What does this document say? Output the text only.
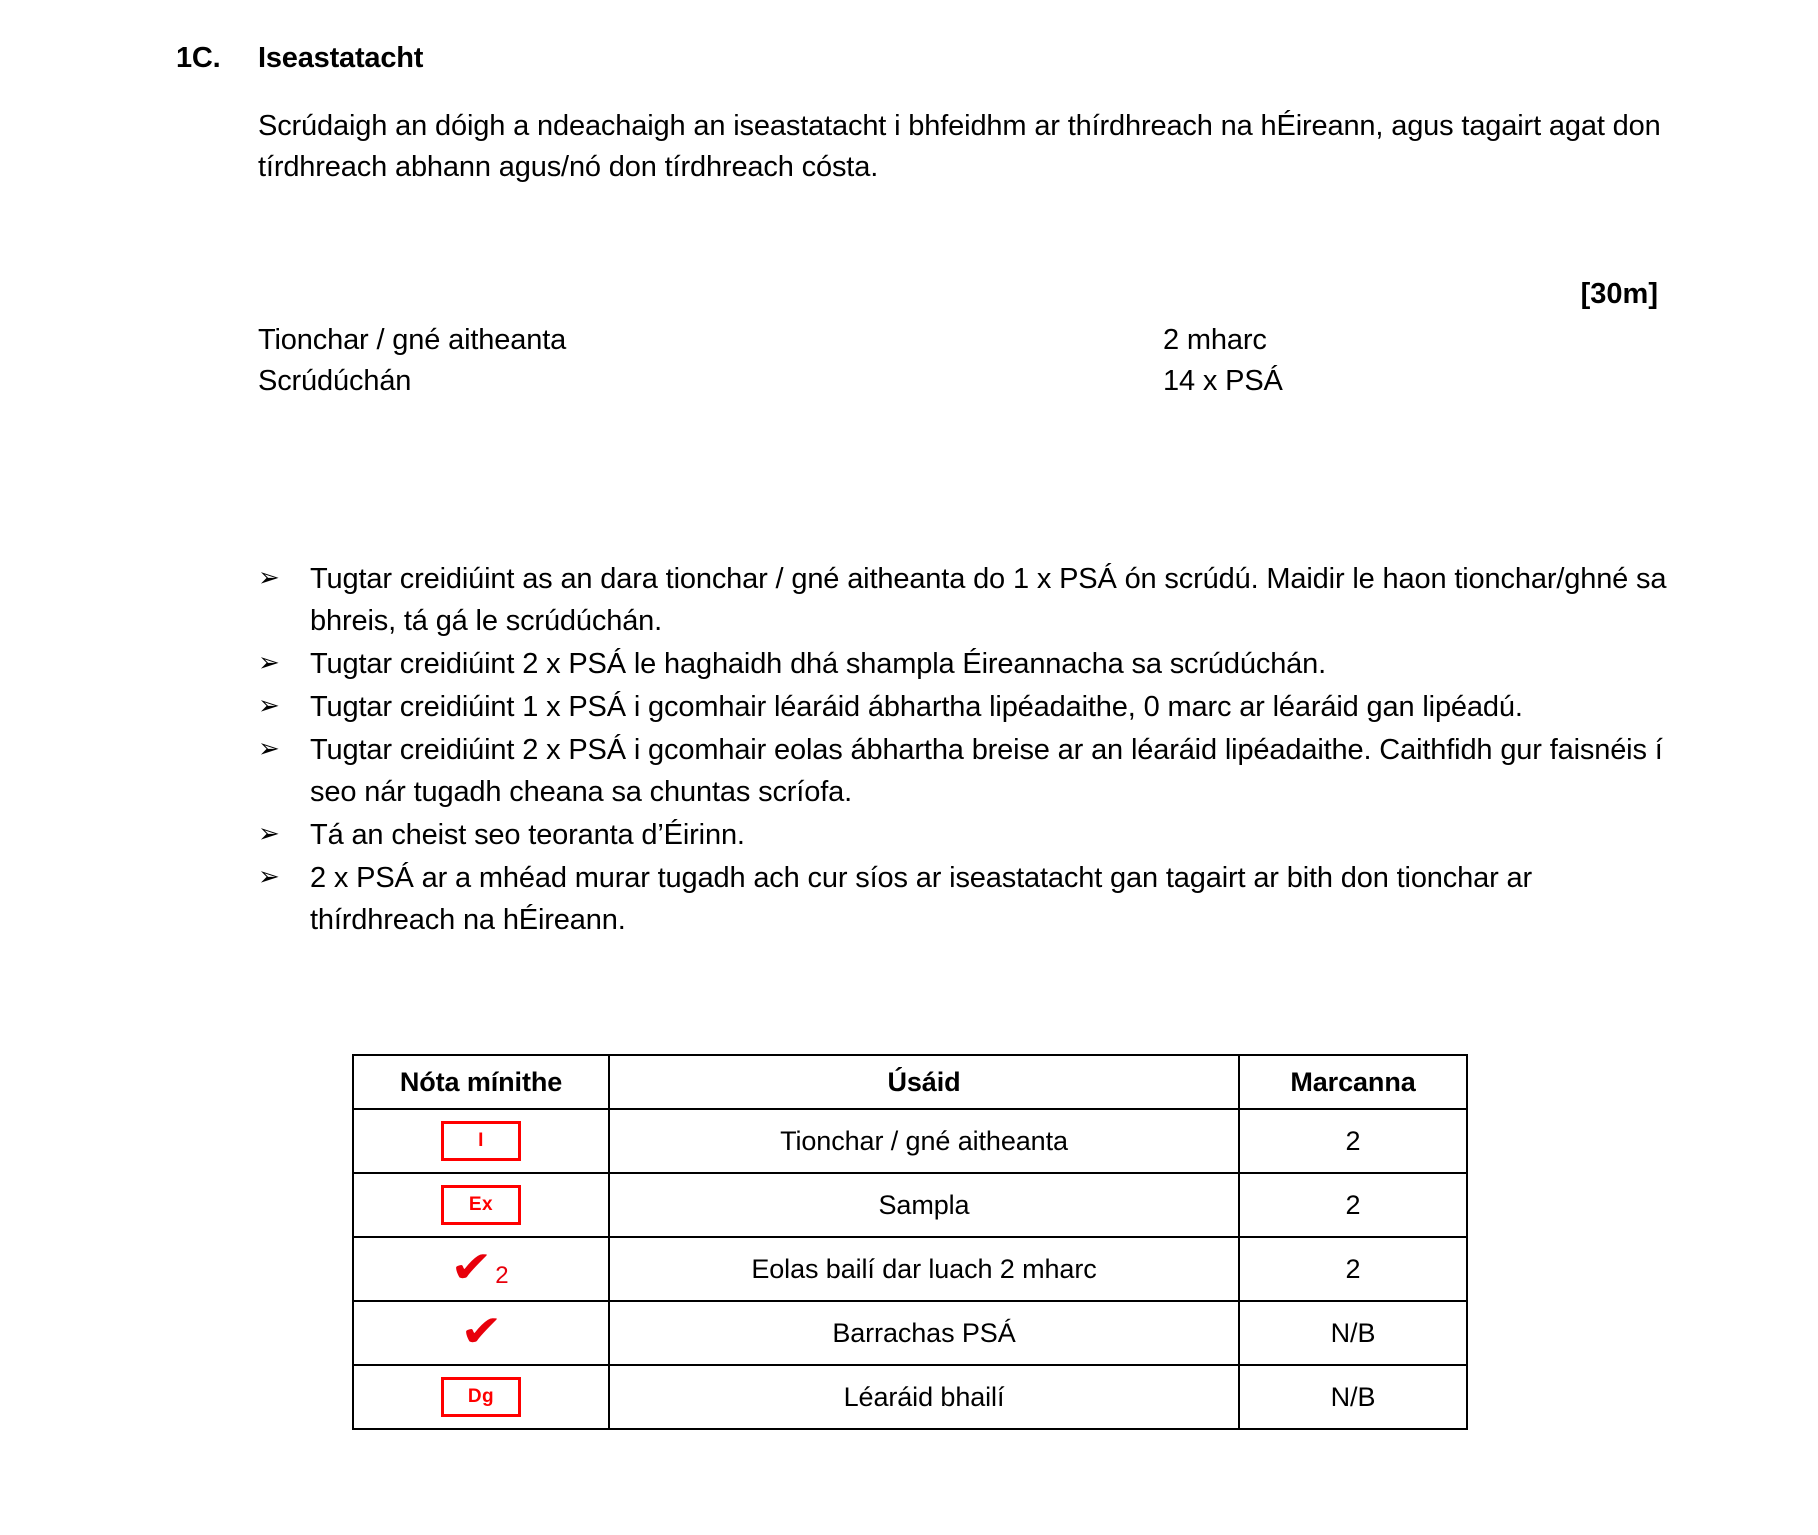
1C.	Iseastatacht
Scrúdaigh an dóigh a ndeachaigh an iseastatacht i bhfeidhm ar thírdhreach na hÉireann, agus tagairt agat don tírdhreach abhann agus/nó don tírdhreach cósta.
[30m]
Tionchar / gné aitheanta	2 mharc
Scrúdúchán	14 x PSÁ
➢	Tugtar creidiúint as an dara tionchar / gné aitheanta do 1 x PSÁ ón scrúdú. Maidir le haon tionchar/ghné sa bhreis, tá gá le scrúdúchán.
➢	Tugtar creidiúint 2 x PSÁ le haghaidh dhá shampla Éireannacha sa scrúdúchán.
➢	Tugtar creidiúint 1 x PSÁ i gcomhair léaráid ábhartha lipéadaithe, 0 marc ar léaráid gan lipéadú.
➢	Tugtar creidiúint 2 x PSÁ i gcomhair eolas ábhartha breise ar an léaráid lipéadaithe. Caithfidh gur faisnéis í seo nár tugadh cheana sa chuntas scríofa.
➢	Tá an cheist seo teoranta d’Éirinn.
➢	2 x PSÁ ar a mhéad murar tugadh ach cur síos ar iseastatacht gan tagairt ar bith don tionchar ar thírdhreach na hÉireann.
Nóta mínithe	Úsáid	Marcanna
I	Tionchar / gné aitheanta	2
Ex	Sampla	2

✔ 2	Eolas bailí dar luach 2 mharc	2

✔	Barrachas PSÁ	N/B
Dg	Léaráid bhailí	N/B
